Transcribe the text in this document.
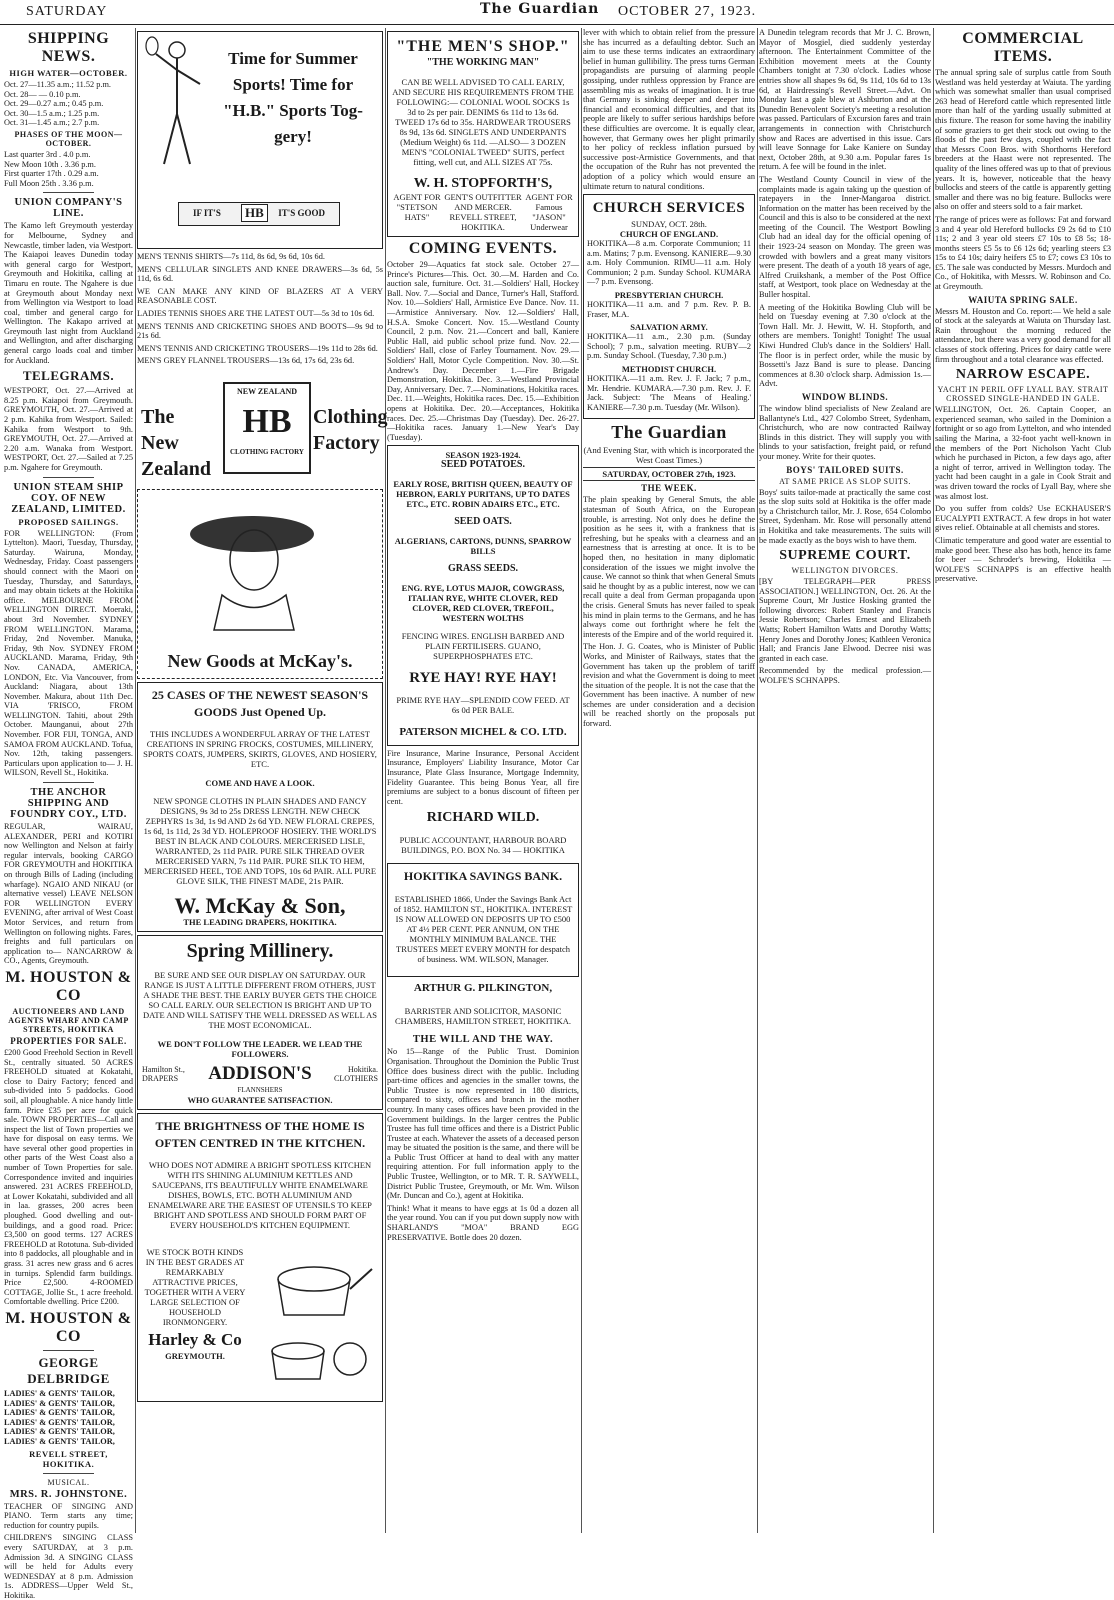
SATURDAY	The Guardian OCTOBER 27, 1923.
SHIPPING NEWS.
HIGH WATER—OCTOBER.
Oct. 27—11.35 a.m.; 11.52 p.m.
Oct. 28— — 0.10 p.m.
Oct. 29—0.27 a.m.; 0.45 p.m.
Oct. 30—1.5 a.m.; 1.25 p.m.
Oct. 31—1.45 a.m.; 2.7 p.m.
PHASES OF THE MOON—OCTOBER.
Last quarter 3rd . 4.0 p.m.
New Moon 10th . 3.36 p.m.
First quarter 17th . 0.29 a.m.
Full Moon 25th . 3.36 p.m.
UNION COMPANY'S LINE.

The Kamo left Greymouth yesterday for Melbourne, Sydney and Newcastle, timber laden, via Westport. The Kaiapoi leaves Dunedin today with general cargo for Westport, Greymouth and Hokitika, calling at Timaru en route. The Ngahere is due at Greymouth about Monday next from Wellington via Westport to load coal, timber and general cargo for Wellington. The Kakapo arrived at Greymouth last night from Auckland and Wellington, and after discharging general cargo loads coal and timber for Auckland.

TELEGRAMS.

WESTPORT, Oct. 27.—Arrived at 8.25 p.m. Kaiapoi from Greymouth. GREYMOUTH, Oct. 27.—Arrived at 2 p.m. Kahika from Westport. Sailed: Kahika from Westport to 9th. GREYMOUTH, Oct. 27.—Arrived at 2.20 a.m. Wanaka from Westport. WESTPORT, Oct. 27.—Sailed at 7.25 p.m. Ngahere for Greymouth.

UNION STEAM SHIP COY. OF NEW ZEALAND, LIMITED.
PROPOSED SAILINGS.

FOR WELLINGTON: (From Lyttelton). Maori, Tuesday, Thursday, Saturday. Wairuna, Monday, Wednesday, Friday. Coast passengers should connect with the Maori on Tuesday, Thursday, and Saturdays, and may obtain tickets at the Hokitika office. MELBOURNE FROM WELLINGTON DIRECT. Moeraki, about 3rd November. SYDNEY FROM WELLINGTON. Marama, Friday, 2nd November. Manuka, Friday, 9th Nov. SYDNEY FROM AUCKLAND. Marama, Friday, 9th Nov. CANADA, AMERICA, LONDON, Etc. Via Vancouver, from Auckland: Niagara, about 13th November. Makura, about 11th Dec. VIA 'FRISCO, FROM WELLINGTON. Tahiti, about 29th October. Maunganui, about 27th November. FOR FIJI, TONGA, AND SAMOA FROM AUCKLAND. Tofua, Nov. 12th, taking passengers. Particulars upon application to— J. H. WILSON, Revell St., Hokitika.

THE ANCHOR SHIPPING AND FOUNDRY COY., LTD.

REGULAR, WAIRAU, ALEXANDER, PERI and KOTIRI now Wellington and Nelson at fairly regular intervals, booking CARGO FOR GREYMOUTH and HOKITIKA on through Bills of Lading (including wharfage). NGAIO AND NIKAU (or alternative vessel) LEAVE NELSON FOR WELLINGTON EVERY EVENING, after arrival of West Coast Motor Services, and return from Wellington on following nights. Fares, freights and full particulars on application to— NANCARROW & CO., Agents, Greymouth.

M. HOUSTON & CO
AUCTIONEERS AND LAND AGENTS WHARF AND CAMP STREETS, HOKITIKA
PROPERTIES FOR SALE.

£200 Good Freehold Section in Revell St., centrally situated. 50 ACRES FREEHOLD situated at Kokatahi, close to Dairy Factory; fenced and sub-divided into 5 paddocks. Good soil, all ploughable. A nice handy little farm. Price £35 per acre for quick sale. TOWN PROPERTIES—Call and inspect the list of Town properties we have for disposal on easy terms. We have several other good properties in other parts of the West Coast also a number of Town Properties for sale. Correspondence invited and inquiries answered. 231 ACRES FREEHOLD, at Lower Kokatahi, subdivided and all in laa. grasses, 200 acres been ploughed. Good dwelling and out-buildings, and a good road. Price: £3,500 on good terms. 127 ACRES FREEHOLD at Rototuna. Sub-divided into 8 paddocks, all ploughable and in grass. 31 acres new grass and 6 acres in turnips. Splendid farm buildings. Price £2,500. 4-ROOMED COTTAGE, Jollie St., 1 acre freehold. Comfortable dwelling. Price £200.

M. HOUSTON & CO
GEORGE DELBRIDGE
LADIES' & GENTS' TAILOR,
LADIES' & GENTS' TAILOR,
LADIES' & GENTS' TAILOR,
LADIES' & GENTS' TAILOR,
LADIES' & GENTS' TAILOR,
LADIES' & GENTS' TAILOR,
REVELL STREET, HOKITIKA.
MUSICAL.
MRS. R. JOHNSTONE.

TEACHER OF SINGING AND PIANO. Term starts any time; reduction for country pupils.

CHILDREN'S SINGING CLASS every SATURDAY, at 3 p.m. Admission 3d. A SINGING CLASS will be held for Adults every WEDNESDAY at 8 p.m. Admission 1s. ADDRESS—Upper Weld St., Hokitika.

Time for Summer
Sports! Time for
"H.B." Sports Tog-
gery!
IF IT'S	HB	IT'S GOOD
MEN'S TENNIS SHIRTS—7s 11d, 8s 6d, 9s 6d, 10s 6d.
MEN'S CELLULAR SINGLETS AND KNEE DRAWERS—3s 6d, 5s 11d, 6s 6d.
WE CAN MAKE ANY KIND OF BLAZERS AT A VERY REASONABLE COST.
LADIES TENNIS SHOES ARE THE LATEST OUT—5s 3d to 10s 6d.
MEN'S TENNIS AND CRICKETING SHOES AND BOOTS—9s 9d to 21s 6d.
MEN'S TENNIS AND CRICKETING TROUSERS—19s 11d to 28s 6d.
MEN'S GREY FLANNEL TROUSERS—13s 6d, 17s 6d, 23s 6d.
The New Zealand
NEW ZEALAND
HB
CLOTHING FACTORY
Clothing Factory
New Goods at McKay's.
25 CASES OF THE NEWEST SEASON'S GOODS Just Opened Up.

THIS INCLUDES A WONDERFUL ARRAY OF THE LATEST CREATIONS IN SPRING FROCKS, COSTUMES, MILLINERY, SPORTS COATS, JUMPERS, SKIRTS, GLOVES, AND HOSIERY, ETC.

COME AND HAVE A LOOK.

NEW SPONGE CLOTHS IN PLAIN SHADES AND FANCY DESIGNS, 9s 3d to 25s DRESS LENGTH. NEW CHECK ZEPHYRS 1s 3d, 1s 9d AND 2s 6d YD. NEW FLORAL CREPES, 1s 6d, 1s 11d, 2s 3d YD. HOLEPROOF HOSIERY. THE WORLD'S BEST IN BLACK AND COLOURS. MERCERISED LISLE, WARRANTED, 2s 11d PAIR. PURE SILK THREAD OVER MERCERISED YARN, 7s 11d PAIR. PURE SILK TO HEM, MERCERISED HEEL, TOE AND TOPS, 10s 6d PAIR. ALL PURE GLOVE SILK, THE FINEST MADE, 21s PAIR.

W. McKay & Son,
THE LEADING DRAPERS, HOKITIKA.
Spring Millinery.

BE SURE AND SEE OUR DISPLAY ON SATURDAY. OUR RANGE IS JUST A LITTLE DIFFERENT FROM OTHERS, JUST A SHADE THE BEST. THE EARLY BUYER GETS THE CHOICE SO CALL EARLY. OUR SELECTION IS BRIGHT AND UP TO DATE AND WILL SATISFY THE WELL DRESSED AS WELL AS THE MOST ECONOMICAL.

WE DON'T FOLLOW THE LEADER. WE LEAD THE FOLLOWERS.
Hamilton St., DRAPERS	ADDISON'S	Hokitika. CLOTHIERS
FLANNSHERS
WHO GUARANTEE SATISFACTION.
THE BRIGHTNESS OF THE HOME IS OFTEN CENTRED IN THE KITCHEN.

WHO DOES NOT ADMIRE A BRIGHT SPOTLESS KITCHEN WITH ITS SHINING ALUMINIUM KETTLES AND SAUCEPANS, ITS BEAUTIFULLY WHITE ENAMELWARE DISHES, BOWLS, ETC. BOTH ALUMINIUM AND ENAMELWARE ARE THE EASIEST OF UTENSILS TO KEEP BRIGHT AND SPOTLESS AND SHOULD FORM PART OF EVERY HOUSEHOLD'S KITCHEN EQUIPMENT.

WE STOCK BOTH KINDS IN THE BEST GRADES AT REMARKABLY ATTRACTIVE PRICES, TOGETHER WITH A VERY LARGE SELECTION OF HOUSEHOLD IRONMONGERY.

Harley & Co
GREYMOUTH.
"THE MEN'S SHOP."
"THE WORKING MAN"

CAN BE WELL ADVISED TO CALL EARLY, AND SECURE HIS REQUIREMENTS FROM THE FOLLOWING:— COLONIAL WOOL SOCKS 1s 3d to 2s per pair. DENIMS 6s 11d to 13s 6d. TWEED 17s 6d to 35s. HARDWEAR TROUSERS 8s 9d, 13s 6d. SINGLETS AND UNDERPANTS (Medium Weight) 6s 11d. —ALSO— 3 DOZEN MEN'S "COLONIAL TWEED" SUITS, perfect fitting, well cut, and ALL SIZES AT 75s.

W. H. STOPFORTH'S,
AGENT FOR "STETSON HATS"
GENT'S OUTFITTER AND MERCER. REVELL STREET, HOKITIKA.
AGENT FOR Famous "JASON" Underwear
COMING EVENTS.

October 29—Aquatics fat stock sale. October 27—Prince's Pictures—This. Oct. 30.—M. Harden and Co. auction sale, furniture. Oct. 31.—Soldiers' Hall, Hockey Ball. Nov. 7.—Social and Dance, Turner's Hall, Stafford. Nov. 10.—Soldiers' Hall, Armistice Eve Dance. Nov. 11.—Armistice Anniversary. Nov. 12.—Soldiers' Hall, H.S.A. Smoke Concert. Nov. 15.—Westland County Council, 2 p.m. Nov. 21.—Concert and ball, Kaniere Public Hall, aid public school prize fund. Nov. 22.—Soldiers' Hall, close of Farley Tournament. Nov. 29.—Soldiers' Hall, Motor Cycle Competition. Nov. 30.—St. Andrew's Day. December 1.—Fire Brigade Demonstration, Hokitika. Dec. 3.—Westland Provincial Day, Anniversary. Dec. 7.—Nominations, Hokitika races. Dec. 11.—Weights, Hokitika races. Dec. 15.—Exhibition opens at Hokitika. Dec. 20.—Acceptances, Hokitika races. Dec. 25.—Christmas Day (Tuesday). Dec. 26-27.—Hokitika races. January 1.—New Year's Day (Tuesday).

SEASON 1923-1924.
SEED POTATOES.

EARLY ROSE, BRITISH QUEEN, BEAUTY OF HEBRON, EARLY PURITANS, UP TO DATES ETC., ETC. ROBIN ADAIRS ETC., ETC.

SEED OATS.

ALGERIANS, CARTONS, DUNNS, SPARROW BILLS

GRASS SEEDS.

ENG. RYE, LOTUS MAJOR, COWGRASS, ITALIAN RYE, WHITE CLOVER, RED CLOVER, RED CLOVER, TREFOIL, WESTERN WOLTHS

FENCING WIRES. ENGLISH BARBED AND PLAIN FERTILISERS. GUANO, SUPERPHOSPHATES ETC.

RYE HAY! RYE HAY!

PRIME RYE HAY—SPLENDID COW FEED. AT 6s 0d PER BALE.

PATERSON MICHEL & CO. LTD.

Fire Insurance, Marine Insurance, Personal Accident Insurance, Employers' Liability Insurance, Motor Car Insurance, Plate Glass Insurance, Mortgage Indemnity, Fidelity Guarantee. This being Bonus Year, all fire premiums are subject to a bonus discount of fifteen per cent.

RICHARD WILD.

PUBLIC ACCOUNTANT, HARBOUR BOARD BUILDINGS, P.O. BOX No. 34 — HOKITIKA

HOKITIKA SAVINGS BANK.

ESTABLISHED 1866, Under the Savings Bank Act of 1852. HAMILTON ST., HOKITIKA. INTEREST IS NOW ALLOWED ON DEPOSITS UP TO £500 AT 4½ PER CENT. PER ANNUM, ON THE MONTHLY MINIMUM BALANCE. THE TRUSTEES MEET EVERY MONTH for despatch of business. WM. WILSON, Manager.

ARTHUR G. PILKINGTON,

BARRISTER AND SOLICITOR, MASONIC CHAMBERS, HAMILTON STREET, HOKITIKA.

THE WILL AND THE WAY.

No 15—Range of the Public Trust. Dominion Organisation. Throughout the Dominion the Public Trust Office does business direct with the public. Including part-time offices and agencies in the smaller towns, the Public Trustee is now represented in 180 districts, compared to sixty, offices and branch in the mother country. In many cases offices have been provided in the Government buildings. In the larger centres the Public Trustee has full time offices and there is a District Public Trustee at each. Whatever the assets of a deceased person may be situated the position is the same, and there will be a Public Trust Officer at hand to deal with any matter requiring attention. For full information apply to the Public Trustee, Wellington, or to MR. T. R. SAYWELL, District Public Trustee, Greymouth, or Mr. Wm. Wilson (Mr. Duncan and Co.), agent at Hokitika.

Think! What it means to have eggs at 1s 0d a dozen all the year round. You can if you put down supply now with SHARLAND'S "MOA" BRAND EGG PRESERVATIVE. Bottle does 20 dozen.

lever with which to obtain relief from the pressure she has incurred as a defaulting debtor. Such an aim to use these terms indicates an extraordinary belief in human gullibility. The press turns German propagandists are pursuing of alarming people gossiping, under ruthless oppression by France are assembling mis as weaks of imagination. It is true that Germany is sinking deeper and deeper into financial and economical difficulties, and that its people are likely to suffer serious hardships before these difficulties are overcome. It is equally clear, however, that Germany owes her plight primarily to her policy of reckless inflation pursued by successive post-Armistice Governments, and that the occupation of the Ruhr has not prevented the adoption of a policy which would ensure an ultimate return to natural conditions.

CHURCH SERVICES
SUNDAY, OCT. 28th.
CHURCH OF ENGLAND.

HOKITIKA—8 a.m. Corporate Communion; 11 a.m. Matins; 7 p.m. Evensong. KANIERE—9.30 a.m. Holy Communion. RIMU—11 a.m. Holy Communion; 2 p.m. Sunday School. KUMARA—7 p.m. Evensong.

PRESBYTERIAN CHURCH.

HOKITIKA—11 a.m. and 7 p.m. Rev. P. B. Fraser, M.A.

SALVATION ARMY.

HOKITIKA—11 a.m., 2.30 p.m. (Sunday School); 7 p.m., salvation meeting. RUBY—2 p.m. Sunday School. (Tuesday, 7.30 p.m.)

METHODIST CHURCH.

HOKITIKA.—11 a.m. Rev. J. F. Jack; 7 p.m., Mr. Hendrie. KUMARA.—7.30 p.m. Rev. J. F. Jack. Subject: 'The Means of Healing.' KANIERE—7.30 p.m. Tuesday (Mr. Wilson).

The Guardian
(And Evening Star, with which is incorporated the West Coast Times.)
SATURDAY, OCTOBER 27th, 1923.
THE WEEK.

The plain speaking by General Smuts, the able statesman of South Africa, on the European trouble, is arresting. Not only does he define the position as he sees it, with a frankness that is refreshing, but he speaks with a clearness and an earnestness that is arresting at once. It is to be hoped then, no hesitation in many diplomatic consideration of the issues we might involve the cause. We cannot so think that when General Smuts said he thought by as a public interest, now we can recall quite a deal from German propaganda upon the crisis. General Smuts has never failed to speak his mind in plain terms to the Germans, and he has always come out forthright where he felt the interests of the Empire and of the world required it.

The Hon. J. G. Coates, who is Minister of Public Works, and Minister of Railways, states that the Government has taken up the problem of tariff revision and what the Government is doing to meet the situation of the people. It is not the case that the Government has been inactive. A number of new schemes are under consideration and a decision will be reached shortly on the proposals put forward.

A Dunedin telegram records that Mr J. C. Brown, Mayor of Mosgiel, died suddenly yesterday afternoon. The Entertainment Committee of the Exhibition movement meets at the County Chambers tonight at 7.30 o'clock. Ladies whose entries show all shapes 9s 6d, 9s 11d, 10s 6d to 13s 6d, at Hairdressing's Revell Street.—Advt. On Monday last a gale blew at Ashburton and at the Dunedin Benevolent Society's meeting a resolution was passed. Particulars of Excursion fares and train arrangements in connection with Christchurch show and Races are advertised in this issue. Cars will leave Sonnage for Lake Kaniere on Sunday next, October 28th, at 9.30 a.m. Popular fares 1s return. A fee will be found in the inlet.

The Westland County Council in view of the complaints made is again taking up the question of ratepayers in the Inner-Mangaroa district. Information on the matter has been received by the Council and this is also to be considered at the next meeting of the Council. The Westport Bowling Club had an ideal day for the official opening of their 1923-24 season on Monday. The green was crowded with bowlers and a great many visitors were present. The death of a youth 18 years of age, Alfred Cruikshank, a member of the Post Office staff, at Westport, took place on Wednesday at the Buller hospital.

A meeting of the Hokitika Bowling Club will be held on Tuesday evening at 7.30 o'clock at the Town Hall. Mr. J. Hewitt, W. H. Stopforth, and others are members. Tonight! Tonight! The usual Kiwi Hundred Club's dance in the Soldiers' Hall. The floor is in perfect order, while the music by Bossetti's Jazz Band is sure to please. Dancing commences at 8.30 o'clock sharp. Admission 1s.—Advt.

WINDOW BLINDS.

The window blind specialists of New Zealand are Ballantyne's Ltd., 427 Colombo Street, Sydenham, Christchurch, who are now contracted Railway Blinds in this district. They will supply you with blinds to your satisfaction, freight paid, or refund your money. Write for their quotes.

BOYS' TAILORED SUITS.
AT SAME PRICE AS SLOP SUITS.

Boys' suits tailor-made at practically the same cost as the slop suits sold at Hokitika is the offer made by a Christchurch tailor, Mr. J. Rose, 654 Colombo Street, Sydenham. Mr. Rose will personally attend in Hokitika and take measurements. The suits will be made exactly as the boys wish to have them.

SUPREME COURT.
WELLINGTON DIVORCES.

[BY TELEGRAPH—PER PRESS ASSOCIATION.] WELLINGTON, Oct. 26. At the Supreme Court, Mr Justice Hosking granted the following divorces: Robert Stanley and Francis Jessie Robertson; Charles Ernest and Elizabeth Watts; Robert Hamilton Watts and Dorothy Watts; Henry Jones and Dorothy Jones; Kathleen Veronica Hall; and Francis Jane Elwood. Decree nisi was granted in each case.

Recommended by the medical profession.—WOLFE'S SCHNAPPS.

COMMERCIAL ITEMS.

The annual spring sale of surplus cattle from South Westland was held yesterday at Waiuta. The yarding which was somewhat smaller than usual comprised 263 head of Hereford cattle which represented little more than half of the yarding usually submitted at this fixture. The reason for some having the inability of some graziers to get their stock out owing to the floods of the past few days, coupled with the fact that Messrs Coon Bros. with Shorthorns Hereford breeders at the Haast were not represented. The quality of the lines offered was up to that of previous years. It is, however, noticeable that the heavy bullocks and steers of the cattle is apparently getting smaller and there was no big feature. Bullocks were also on offer and steers sold to a fair market.

The range of prices were as follows: Fat and forward 3 and 4 year old Hereford bullocks £9 2s 6d to £10 11s; 2 and 3 year old steers £7 10s to £8 5s; 18-months steers £5 5s to £6 12s 6d; yearling steers £3 15s to £4 10s; dairy heifers £5 to £7; cows £3 10s to £5. The sale was conducted by Messrs. Murdoch and Co., of Hokitika, with Messrs. W. Robinson and Co. at Greymouth.

WAIUTA SPRING SALE.

Messrs M. Houston and Co. report:— We held a sale of stock at the saleyards at Waiuta on Thursday last. Rain throughout the morning reduced the attendance, but there was a very good demand for all classes of stock offering. Prices for dairy cattle were firm throughout and a total clearance was effected.

NARROW ESCAPE.
YACHT IN PERIL OFF LYALL BAY. STRAIT CROSSED SINGLE-HANDED IN GALE.

WELLINGTON, Oct. 26. Captain Cooper, an experienced seaman, who sailed in the Dominion a fortnight or so ago from Lyttelton, and who intended sailing the Marina, a 32-foot yacht well-known in the members of the Port Nicholson Yacht Club which he purchased in Picton, a few days ago, after a night of terror, arrived in Wellington today. The yacht had been caught in a gale in Cook Strait and was driven toward the rocks of Lyall Bay, where she was almost lost.

Do you suffer from colds? Use ECKHAUSER'S EUCALYPTI EXTRACT. A few drops in hot water gives relief. Obtainable at all chemists and stores.

Climatic temperature and good water are essential to make good beer. These also has both, hence its fame for beer — Schroder's brewing, Hokitika — WOLFE'S SCHNAPPS is an effective health preservative.
